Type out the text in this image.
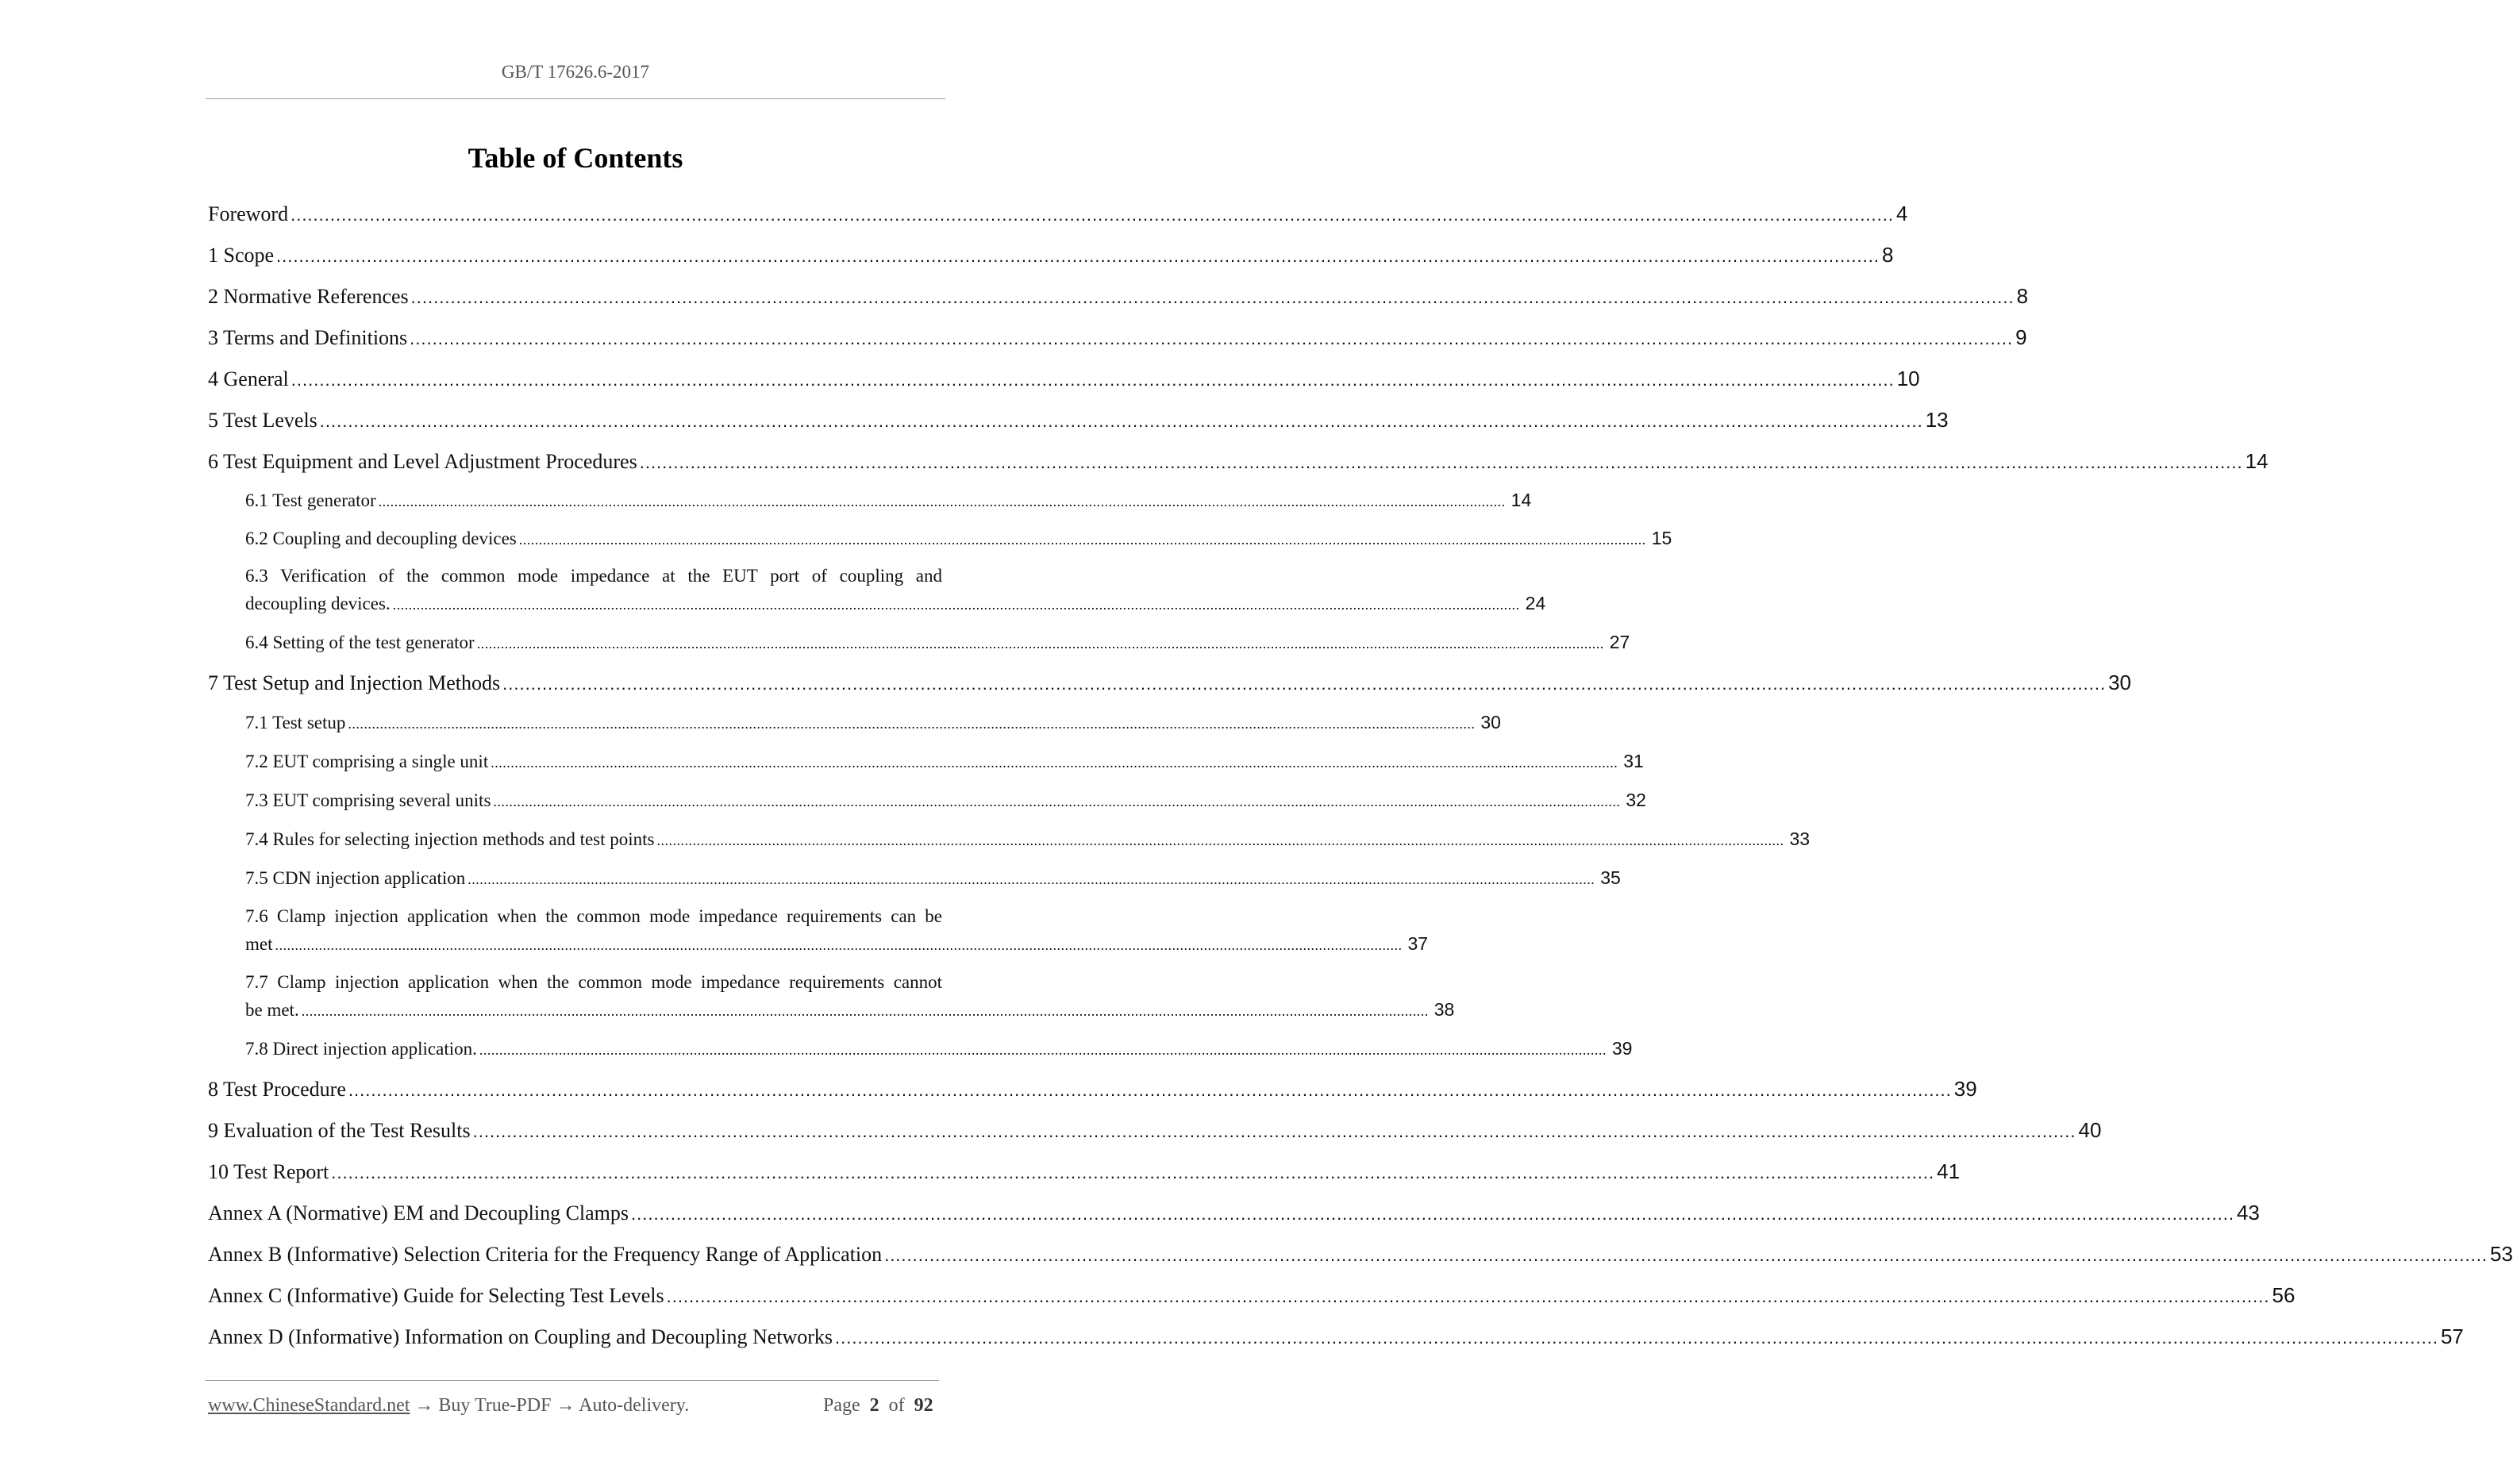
GB/T 17626.6-2017
Table of Contents
Foreword ............................................................................................................................................................................................................................................................................................ 4
1 Scope ............................................................................................................................................................................................................................................................................................ 8
2 Normative References ............................................................................................................................................................................................................................................................................................ 8
3 Terms and Definitions ............................................................................................................................................................................................................................................................................................ 9
4 General ............................................................................................................................................................................................................................................................................................ 10
5 Test Levels ............................................................................................................................................................................................................................................................................................ 13
6 Test Equipment and Level Adjustment Procedures ............................................................................................................................................................................................................................................................................................ 14
6.1 Test generator ............................................................................................................................................................................................................................................................................................ 14
6.2 Coupling and decoupling devices ............................................................................................................................................................................................................................................................................................ 15
6.3 Verification of the common mode impedance at the EUT port of coupling and
decoupling devices. ............................................................................................................................................................................................................................................................................................ 24
6.4 Setting of the test generator ............................................................................................................................................................................................................................................................................................ 27
7 Test Setup and Injection Methods ............................................................................................................................................................................................................................................................................................ 30
7.1 Test setup ............................................................................................................................................................................................................................................................................................ 30
7.2 EUT comprising a single unit ............................................................................................................................................................................................................................................................................................ 31
7.3 EUT comprising several units ............................................................................................................................................................................................................................................................................................ 32
7.4 Rules for selecting injection methods and test points ............................................................................................................................................................................................................................................................................................ 33
7.5 CDN injection application ............................................................................................................................................................................................................................................................................................ 35
7.6 Clamp injection application when the common mode impedance requirements can be
met ............................................................................................................................................................................................................................................................................................ 37
7.7 Clamp injection application when the common mode impedance requirements cannot
be met. ............................................................................................................................................................................................................................................................................................ 38
7.8 Direct injection application. ............................................................................................................................................................................................................................................................................................ 39
8 Test Procedure ............................................................................................................................................................................................................................................................................................ 39
9 Evaluation of the Test Results ............................................................................................................................................................................................................................................................................................ 40
10 Test Report ............................................................................................................................................................................................................................................................................................ 41
Annex A (Normative) EM and Decoupling Clamps ............................................................................................................................................................................................................................................................................................ 43
Annex B (Informative) Selection Criteria for the Frequency Range of Application ............................................................................................................................................................................................................................................................................................ 53
Annex C (Informative) Guide for Selecting Test Levels ............................................................................................................................................................................................................................................................................................ 56
Annex D (Informative) Information on Coupling and Decoupling Networks ............................................................................................................................................................................................................................................................................................ 57
www.ChineseStandard.net → Buy True-PDF → Auto-delivery.	Page 2 of 92
